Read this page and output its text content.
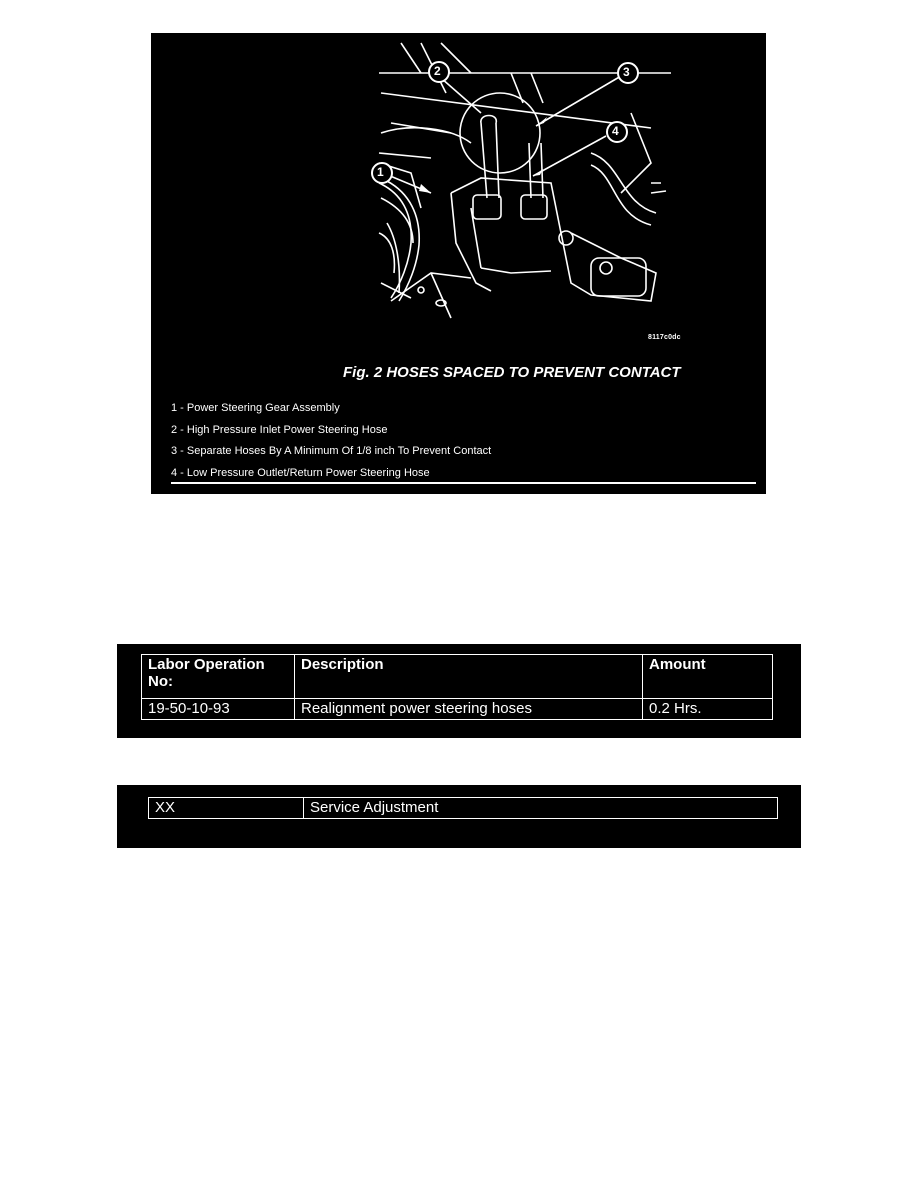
1
2	3
4
8117c0dc
Fig. 2 HOSES SPACED TO PREVENT CONTACT
1 - Power Steering Gear Assembly
2 - High Pressure Inlet Power Steering Hose
3 - Separate Hoses By A Minimum Of 1/8 inch To Prevent Contact
4 - Low Pressure Outlet/Return Power Steering Hose
Labor Operation No:	Description	Amount
19-50-10-93	Realignment power steering hoses	0.2 Hrs.
XX	Service Adjustment
